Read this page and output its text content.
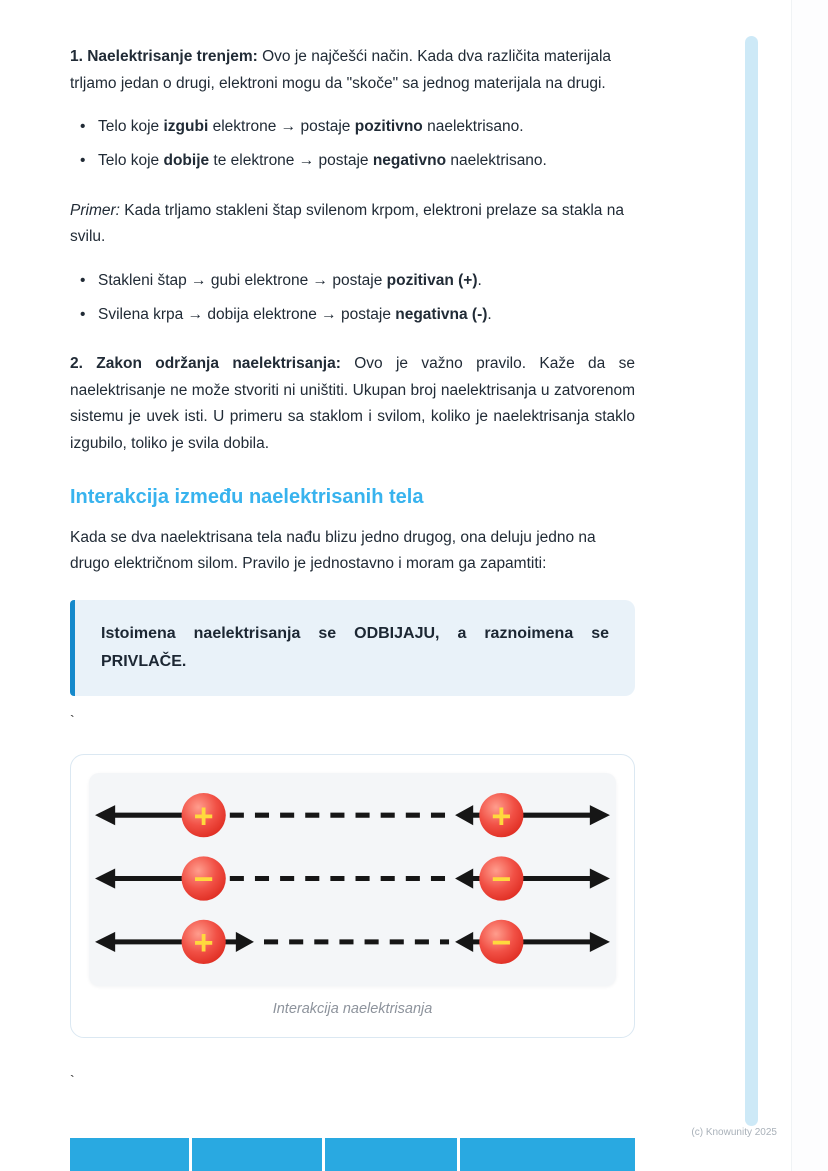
1. Naelektrisanje trenjem: Ovo je najčešći način. Kada dva različita materijala trljamo jedan o drugi, elektroni mogu da "skoče" sa jednog materijala na drugi.

• Telo koje izgubi elektrone → postaje pozitivno naelektrisano.
• Telo koje dobije te elektrone → postaje negativno naelektrisano.

Primer: Kada trljamo stakleni štap svilenom krpom, elektroni prelaze sa stakla na svilu.

• Stakleni štap → gubi elektrone → postaje pozitivan (+).
• Svilena krpa → dobija elektrone → postaje negativna (-).

2. Zakon održanja naelektrisanja: Ovo je važno pravilo. Kaže da se naelektrisanje ne može stvoriti ni uništiti. Ukupan broj naelektrisanja u zatvorenom sistemu je uvek isti. U primeru sa staklom i svilom, koliko je naelektrisanja staklo izgubilo, toliko je svila dobila.

Interakcija između naelektrisanih tela

Kada se dva naelektrisana tela nađu blizu jedno drugog, ona deluju jedno na drugo električnom silom. Pravilo je jednostavno i moram ga zapamtiti:

Istoimena naelektrisanja se ODBIJAJU, a raznoimena se PRIVLAČE.
`
+	+
−	−
+	−
Interakcija naelektrisanja
`
(c) Knowunity 2025
